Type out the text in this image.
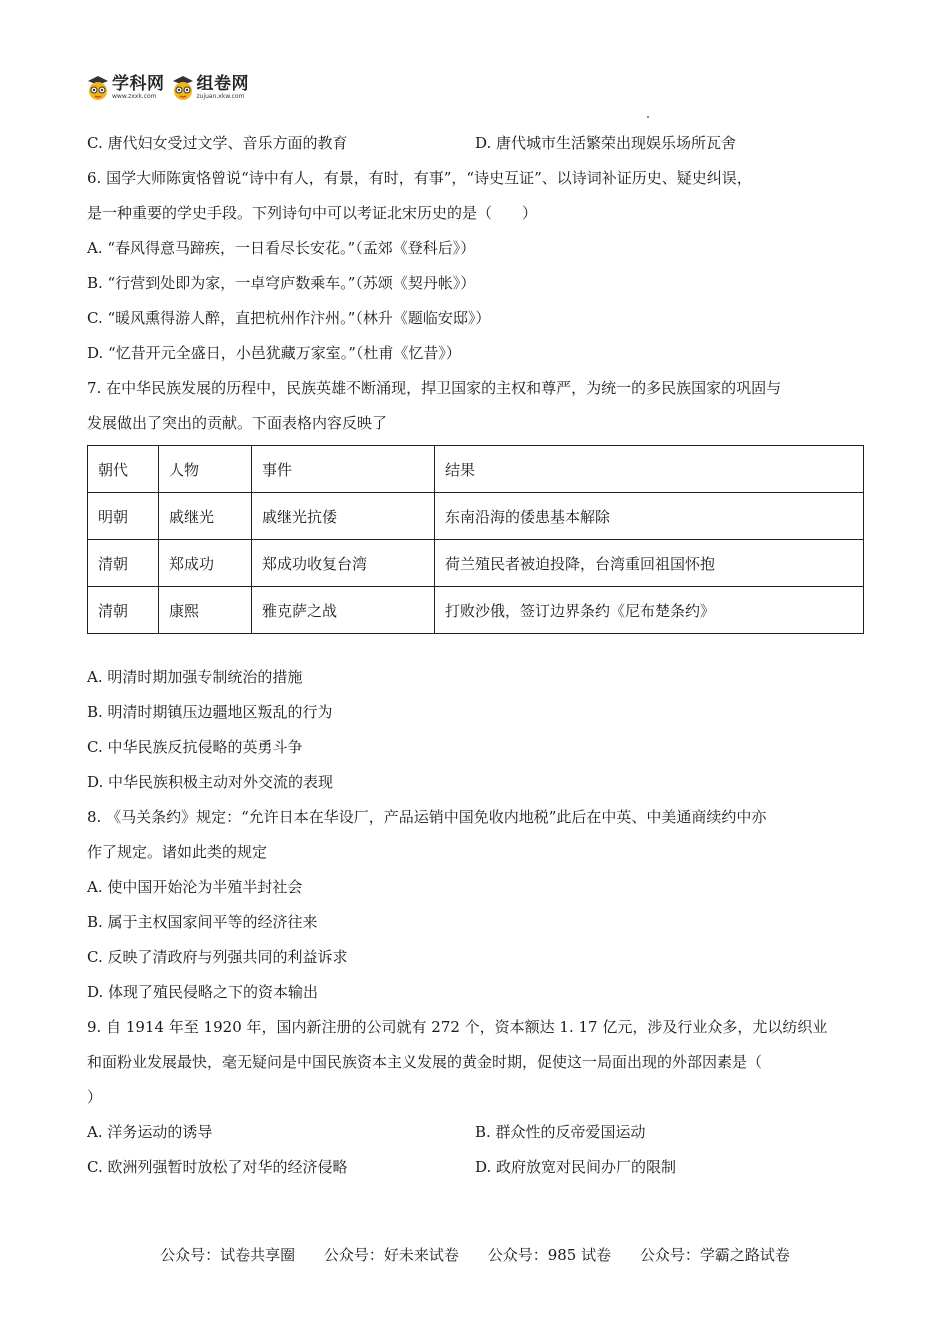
学科网
www.zxxk.com
组卷网
zujuan.xkw.com
C. 唐代妇女受过文学、音乐方面的教育	D. 唐代城市生活繁荣出现娱乐场所瓦舍
6. 国学大师陈寅恪曾说“诗中有人，有景，有时，有事”，“诗史互证”、以诗词补证历史、疑史纠误，
是一种重要的学史手段。下列诗句中可以考证北宋历史的是（　　）
A. “春风得意马蹄疾，一日看尽长安花。”（孟郊《登科后》）
B. “行营到处即为家，一卓穹庐数乘车。”（苏颂《契丹帐》）
C. “暖风熏得游人醉，直把杭州作汴州。”（林升《题临安邸》）
D. “忆昔开元全盛日，小邑犹藏万家室。”（杜甫《忆昔》）
7. 在中华民族发展的历程中，民族英雄不断涌现，捍卫国家的主权和尊严，为统一的多民族国家的巩固与
发展做出了突出的贡献。下面表格内容反映了
朝代	人物	事件	结果
明朝	戚继光	戚继光抗倭	东南沿海的倭患基本解除
清朝	郑成功	郑成功收复台湾	荷兰殖民者被迫投降，台湾重回祖国怀抱
清朝	康熙	雅克萨之战	打败沙俄，签订边界条约《尼布楚条约》
A. 明清时期加强专制统治的措施
B. 明清时期镇压边疆地区叛乱的行为
C. 中华民族反抗侵略的英勇斗争
D. 中华民族积极主动对外交流的表现
8. 《马关条约》规定：“允许日本在华设厂，产品运销中国免收内地税”此后在中英、中美通商续约中亦
作了规定。诸如此类的规定
A. 使中国开始沦为半殖半封社会
B. 属于主权国家间平等的经济往来
C. 反映了清政府与列强共同的利益诉求
D. 体现了殖民侵略之下的资本输出
9. 自 1914 年至 1920 年，国内新注册的公司就有 272 个，资本额达 1. 17 亿元，涉及行业众多，尤以纺织业
和面粉业发展最快，毫无疑问是中国民族资本主义发展的黄金时期，促使这一局面出现的外部因素是（
）
A. 洋务运动的诱导	B. 群众性的反帝爱国运动
C. 欧洲列强暂时放松了对华的经济侵略	D. 政府放宽对民间办厂的限制
公众号：试卷共享圈 公众号：好未来试卷 公众号：985 试卷 公众号：学霸之路试卷
